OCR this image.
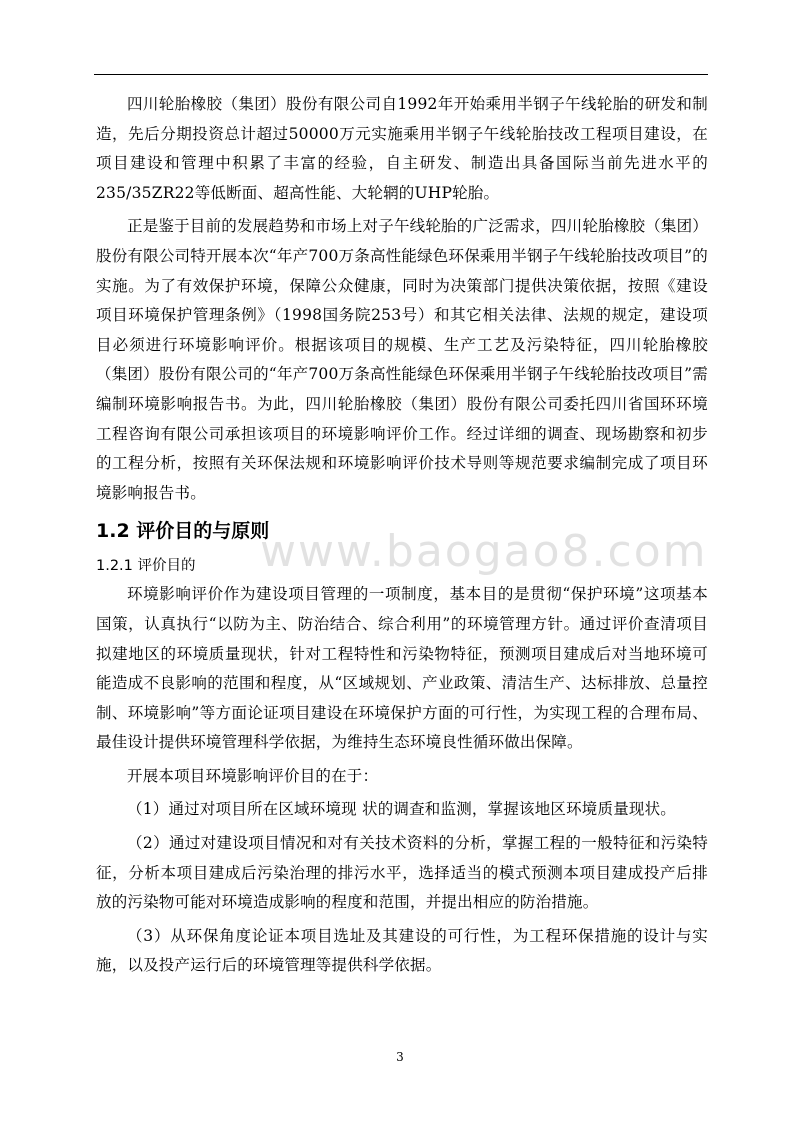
四川轮胎橡胶（集团）股份有限公司自1992年开始乘用半钢子午线轮胎的研发和制造，先后分期投资总计超过50000万元实施乘用半钢子午线轮胎技改工程项目建设，在项目建设和管理中积累了丰富的经验，自主研发、制造出具备国际当前先进水平的235/35ZR22等低断面、超高性能、大轮辋的UHP轮胎。

正是鉴于目前的发展趋势和市场上对子午线轮胎的广泛需求，四川轮胎橡胶（集团）股份有限公司特开展本次“年产700万条高性能绿色环保乘用半钢子午线轮胎技改项目”的实施。为了有效保护环境，保障公众健康，同时为决策部门提供决策依据，按照《建设项目环境保护管理条例》（1998国务院253号）和其它相关法律、法规的规定，建设项目必须进行环境影响评价。根据该项目的规模、生产工艺及污染特征，四川轮胎橡胶（集团）股份有限公司的“年产700万条高性能绿色环保乘用半钢子午线轮胎技改项目”需编制环境影响报告书。为此，四川轮胎橡胶（集团）股份有限公司委托四川省国环环境工程咨询有限公司承担该项目的环境影响评价工作。经过详细的调查、现场勘察和初步的工程分析，按照有关环保法规和环境影响评价技术导则等规范要求编制完成了项目环境影响报告书。

1.2 评价目的与原则
1.2.1 评价目的

环境影响评价作为建设项目管理的一项制度，基本目的是贯彻“保护环境”这项基本国策，认真执行“以防为主、防治结合、综合利用”的环境管理方针。通过评价查清项目拟建地区的环境质量现状，针对工程特性和污染物特征，预测项目建成后对当地环境可能造成不良影响的范围和程度，从“区域规划、产业政策、清洁生产、达标排放、总量控制、环境影响”等方面论证项目建设在环境保护方面的可行性，为实现工程的合理布局、最佳设计提供环境管理科学依据，为维持生态环境良性循环做出保障。

开展本项目环境影响评价目的在于：

（1）通过对项目所在区域环境现 状的调查和监测，掌握该地区环境质量现状。

（2）通过对建设项目情况和对有关技术资料的分析，掌握工程的一般特征和污染特征，分析本项目建成后污染治理的排污水平，选择适当的模式预测本项目建成投产后排放的污染物可能对环境造成影响的程度和范围，并提出相应的防治措施。

（3）从环保角度论证本项目选址及其建设的可行性，为工程环保措施的设计与实施，以及投产运行后的环境管理等提供科学依据。

www.baogao8.com
3
